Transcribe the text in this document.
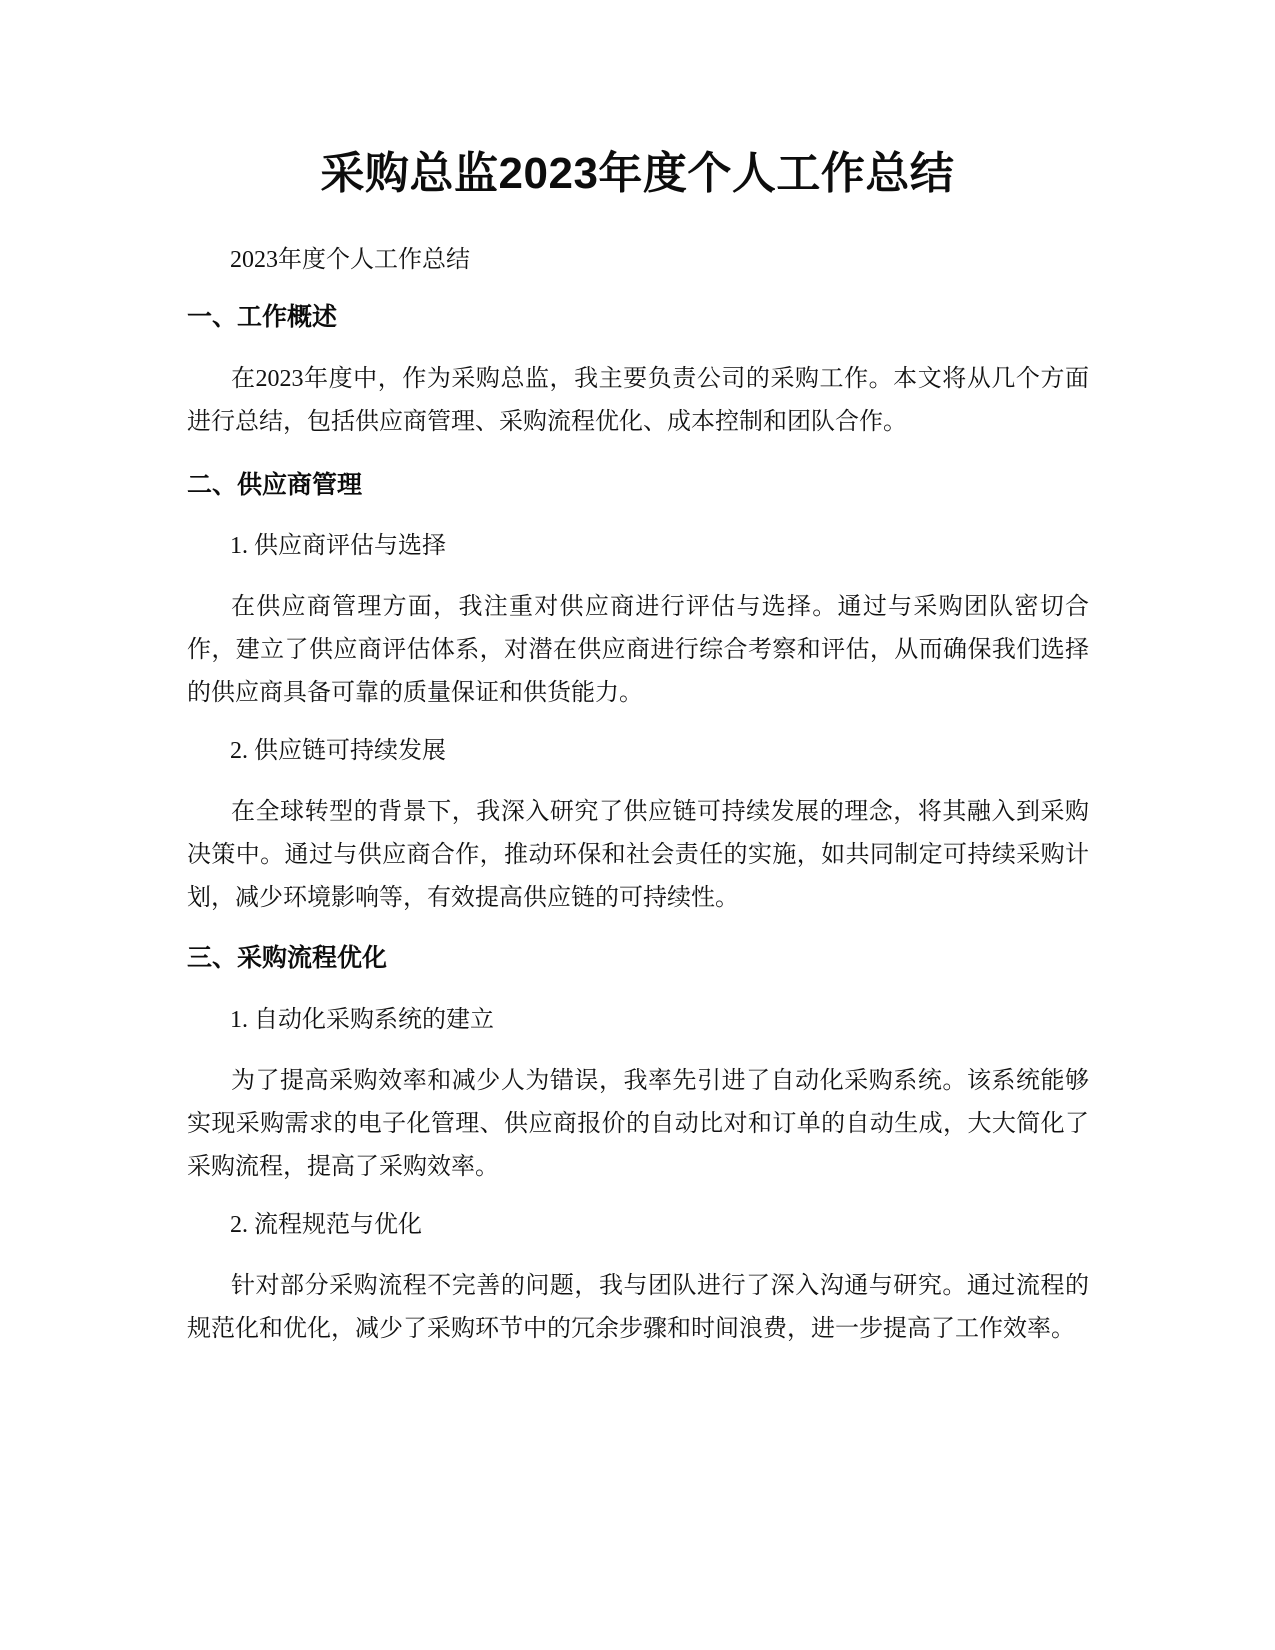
采购总监2023年度个人工作总结
2023年度个人工作总结
一、工作概述

在2023年度中，作为采购总监，我主要负责公司的采购工作。本文将从几个方面进行总结，包括供应商管理、采购流程优化、成本控制和团队合作。

二、供应商管理
1. 供应商评估与选择

在供应商管理方面，我注重对供应商进行评估与选择。通过与采购团队密切合作，建立了供应商评估体系，对潜在供应商进行综合考察和评估，从而确保我们选择的供应商具备可靠的质量保证和供货能力。

2. 供应链可持续发展

在全球转型的背景下，我深入研究了供应链可持续发展的理念，将其融入到采购决策中。通过与供应商合作，推动环保和社会责任的实施，如共同制定可持续采购计划，减少环境影响等，有效提高供应链的可持续性。

三、采购流程优化
1. 自动化采购系统的建立

为了提高采购效率和减少人为错误，我率先引进了自动化采购系统。该系统能够实现采购需求的电子化管理、供应商报价的自动比对和订单的自动生成，大大简化了采购流程，提高了采购效率。

2. 流程规范与优化

针对部分采购流程不完善的问题，我与团队进行了深入沟通与研究。通过流程的规范化和优化，减少了采购环节中的冗余步骤和时间浪费，进一步提高了工作效率。
